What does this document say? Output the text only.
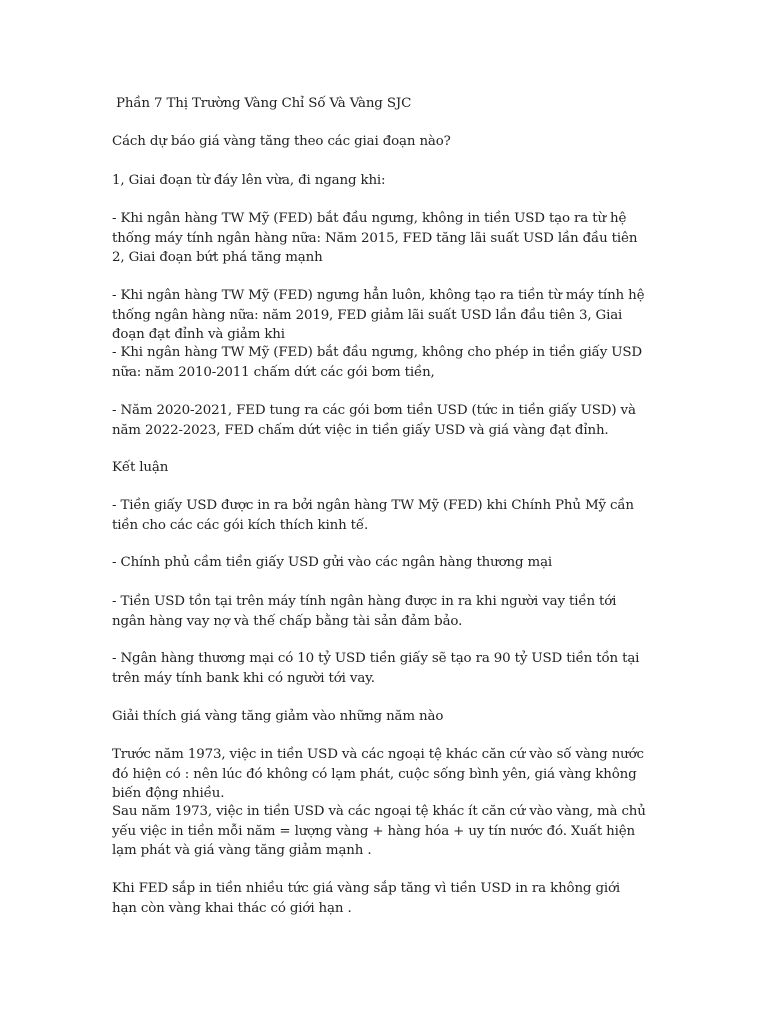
Phần 7 Thị Trường Vàng Chỉ Số Và Vàng SJC

Cách dự báo giá vàng tăng theo các giai đoạn nào?

1, Giai đoạn từ đáy lên vừa, đi ngang khi:

- Khi ngân hàng TW Mỹ (FED) bắt đầu ngưng, không in tiền USD tạo ra từ hệ thống máy tính ngân hàng nữa: Năm 2015, FED tăng lãi suất USD lần đầu tiên 2, Giai đoạn bứt phá tăng mạnh

- Khi ngân hàng TW Mỹ (FED) ngưng hẳn luôn, không tạo ra tiền từ máy tính hệ thống ngân hàng nữa: năm 2019, FED giảm lãi suất USD lần đầu tiên 3, Giai đoạn đạt đỉnh và giảm khi

- Khi ngân hàng TW Mỹ (FED) bắt đầu ngưng, không cho phép in tiền giấy USD nữa: năm 2010-2011 chấm dứt các gói bơm tiền,

- Năm 2020-2021, FED tung ra các gói bơm tiền USD (tức in tiền giấy USD) và năm 2022-2023, FED chấm dứt việc in tiền giấy USD và giá vàng đạt đỉnh.

Kết luận

- Tiền giấy USD được in ra bởi ngân hàng TW Mỹ (FED) khi Chính Phủ Mỹ cần tiền cho các các gói kích thích kinh tế.

- Chính phủ cầm tiền giấy USD gửi vào các ngân hàng thương mại

- Tiền USD tồn tại trên máy tính ngân hàng được in ra khi người vay tiền tới ngân hàng vay nợ và thế chấp bằng tài sản đảm bảo.

- Ngân hàng thương mại có 10 tỷ USD tiền giấy sẽ tạo ra 90 tỷ USD tiền tồn tại trên máy tính bank khi có người tới vay.

Giải thích giá vàng tăng giảm vào những năm nào

Trước năm 1973, việc in tiền USD và các ngoại tệ khác căn cứ vào số vàng nước đó hiện có : nên lúc đó không có lạm phát, cuộc sống bình yên, giá vàng không biến động nhiều.

Sau năm 1973, việc in tiền USD và các ngoại tệ khác ít căn cứ vào vàng, mà chủ yếu việc in tiền mỗi năm = lượng vàng + hàng hóa + uy tín nước đó. Xuất hiện lạm phát và giá vàng tăng giảm mạnh .

Khi FED sắp in tiền nhiều tức giá vàng sắp tăng vì tiền USD in ra không giới hạn còn vàng khai thác có giới hạn .
